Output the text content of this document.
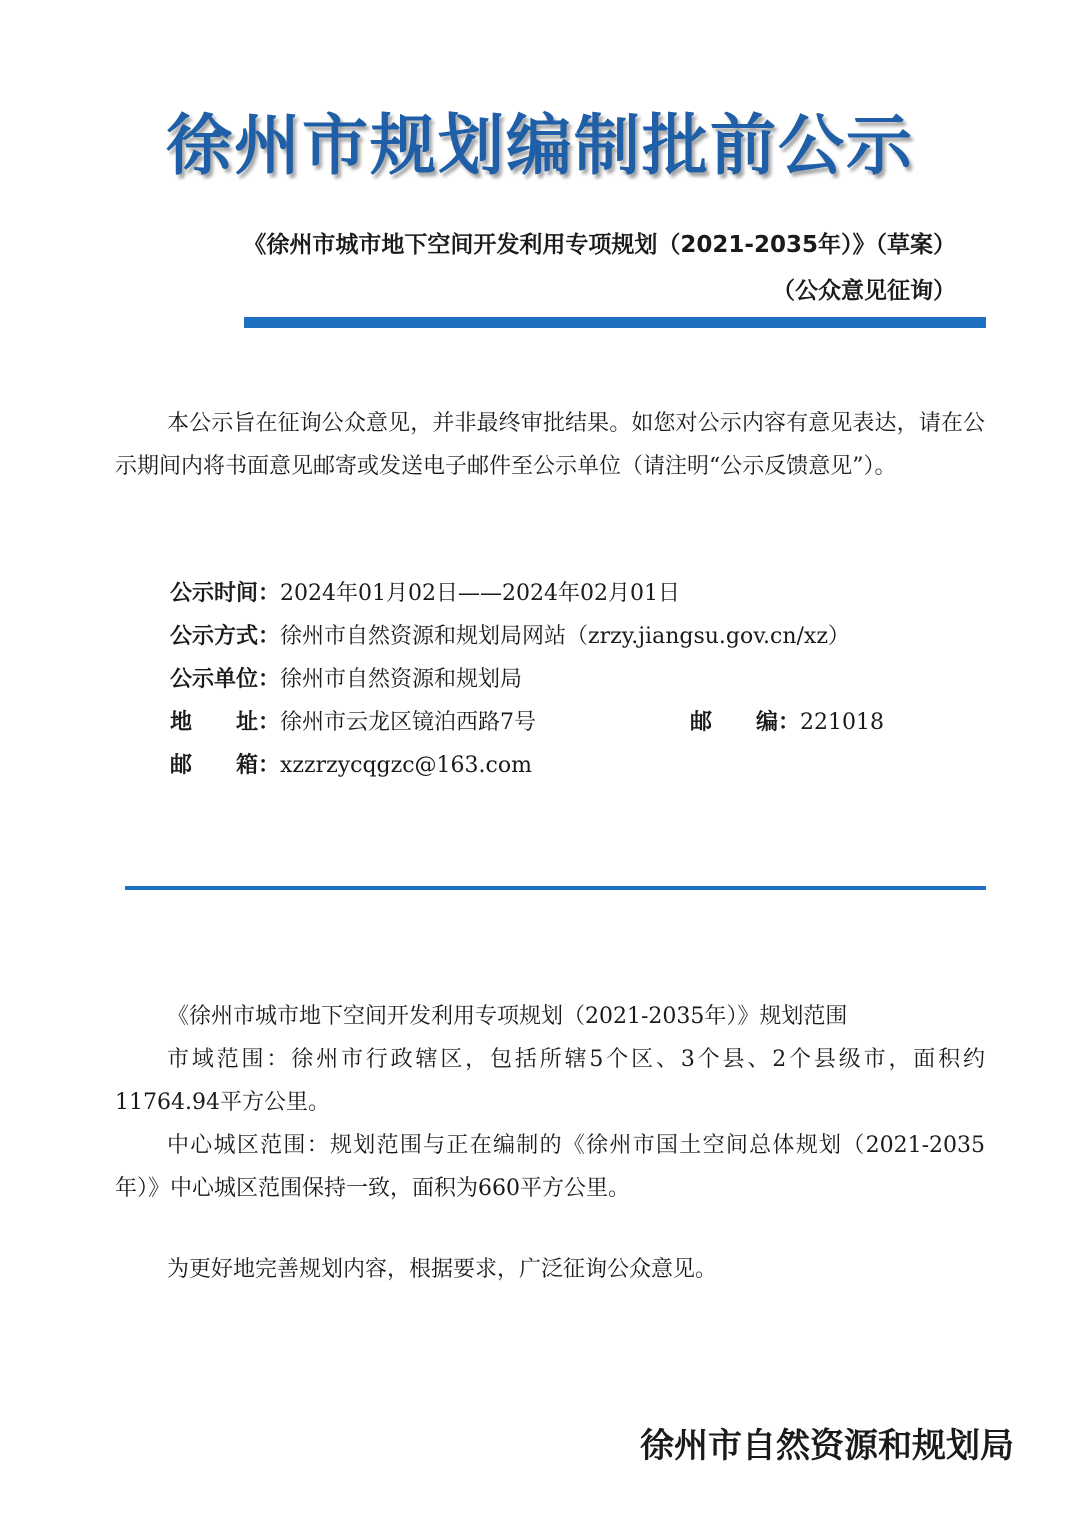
徐州市规划编制批前公示
《徐州市城市地下空间开发利用专项规划（2021-2035年）》（草案）
（公众意见征询）
本公示旨在征询公众意见，并非最终审批结果。如您对公示内容有意见表达，请在公示期间内将书面意见邮寄或发送电子邮件至公示单位（请注明“公示反馈意见”）。
公示时间：2024年01月02日——2024年02月01日
公示方式：徐州市自然资源和规划局网站（zrzy.jiangsu.gov.cn/xz）
公示单位：徐州市自然资源和规划局
地　　址：徐州市云龙区镜泊西路7号	邮　　编：221018
邮　　箱：xzzrzycqgzc@163.com

《徐州市城市地下空间开发利用专项规划（2021-2035年）》规划范围

市域范围：徐州市行政辖区，包括所辖5个区、3个县、2个县级市，面积约11764.94平方公里。

中心城区范围：规划范围与正在编制的《徐州市国土空间总体规划（2021-2035年）》中心城区范围保持一致，面积为660平方公里。

为更好地完善规划内容，根据要求，广泛征询公众意见。

徐州市自然资源和规划局
